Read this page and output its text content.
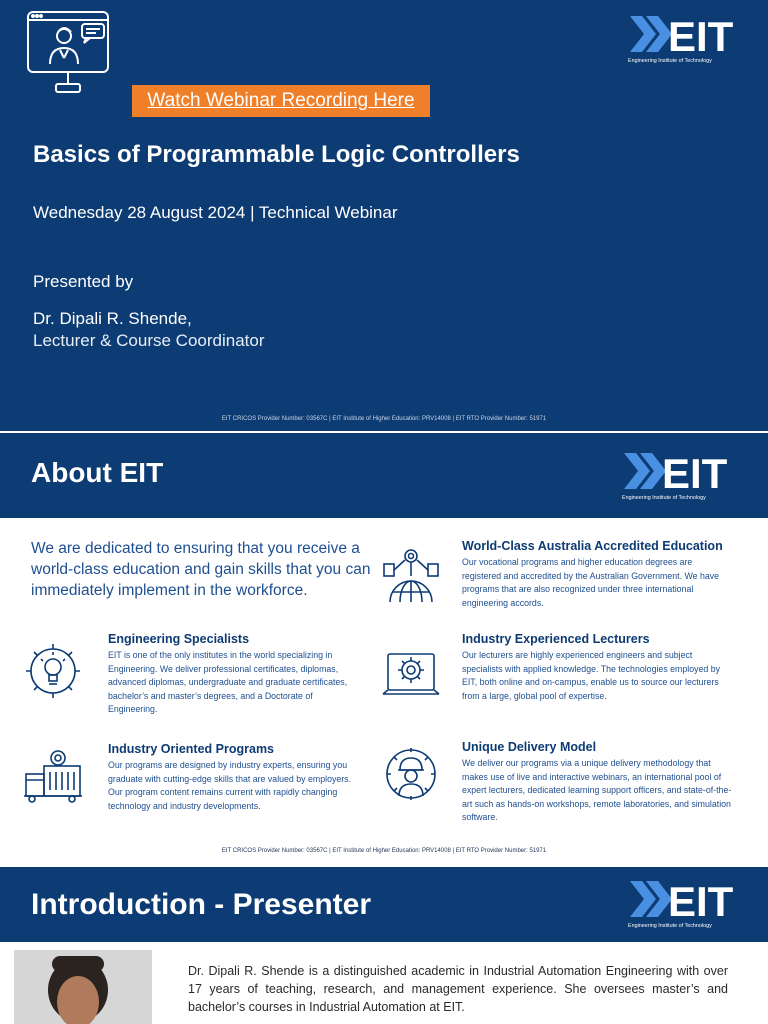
EIT
Engineering Institute of Technology
Watch Webinar Recording Here
Basics of Programmable Logic Controllers
Wednesday 28 August 2024 | Technical Webinar
Presented by
Dr. Dipali R. Shende,
Lecturer & Course Coordinator
EIT CRICOS Provider Number: 03567C | EIT Institute of Higher Education: PRV14008 | EIT RTO Provider Number: 51971
About EIT	EIT
Engineering Institute of Technology
We are dedicated to ensuring that you receive a world-class education and gain skills that you can immediately implement in the workforce.
World-Class Australia Accredited Education

Our vocational programs and higher education degrees are registered and accredited by the Australian Government. We have programs that are also recognized under three international engineering accords.

Engineering Specialists

EIT is one of the only institutes in the world specializing in Engineering. We deliver professional certificates, diplomas, advanced diplomas, undergraduate and graduate certificates, bachelor’s and master’s degrees, and a Doctorate of Engineering.

Industry Experienced Lecturers

Our lecturers are highly experienced engineers and subject specialists with applied knowledge. The technologies employed by EIT, both online and on-campus, enable us to source our lecturers from a large, global pool of expertise.

Industry Oriented Programs

Our programs are designed by industry experts, ensuring you graduate with cutting-edge skills that are valued by employers. Our program content remains current with rapidly changing technology and industry developments.

Unique Delivery Model

We deliver our programs via a unique delivery methodology that makes use of live and interactive webinars, an international pool of expert lecturers, dedicated learning support officers, and state-of-the-art such as hands-on workshops, remote laboratories, and simulation software.

EIT CRICOS Provider Number: 03567C | EIT Institute of Higher Education: PRV14008 | EIT RTO Provider Number: 51971
Introduction - Presenter	EIT
Engineering Institute of Technology
Dr. Dipali R. Shende is a distinguished academic in Industrial Automation Engineering with over 17 years of teaching, research, and management experience. She oversees master’s and bachelor’s courses in Industrial Automation at EIT.
